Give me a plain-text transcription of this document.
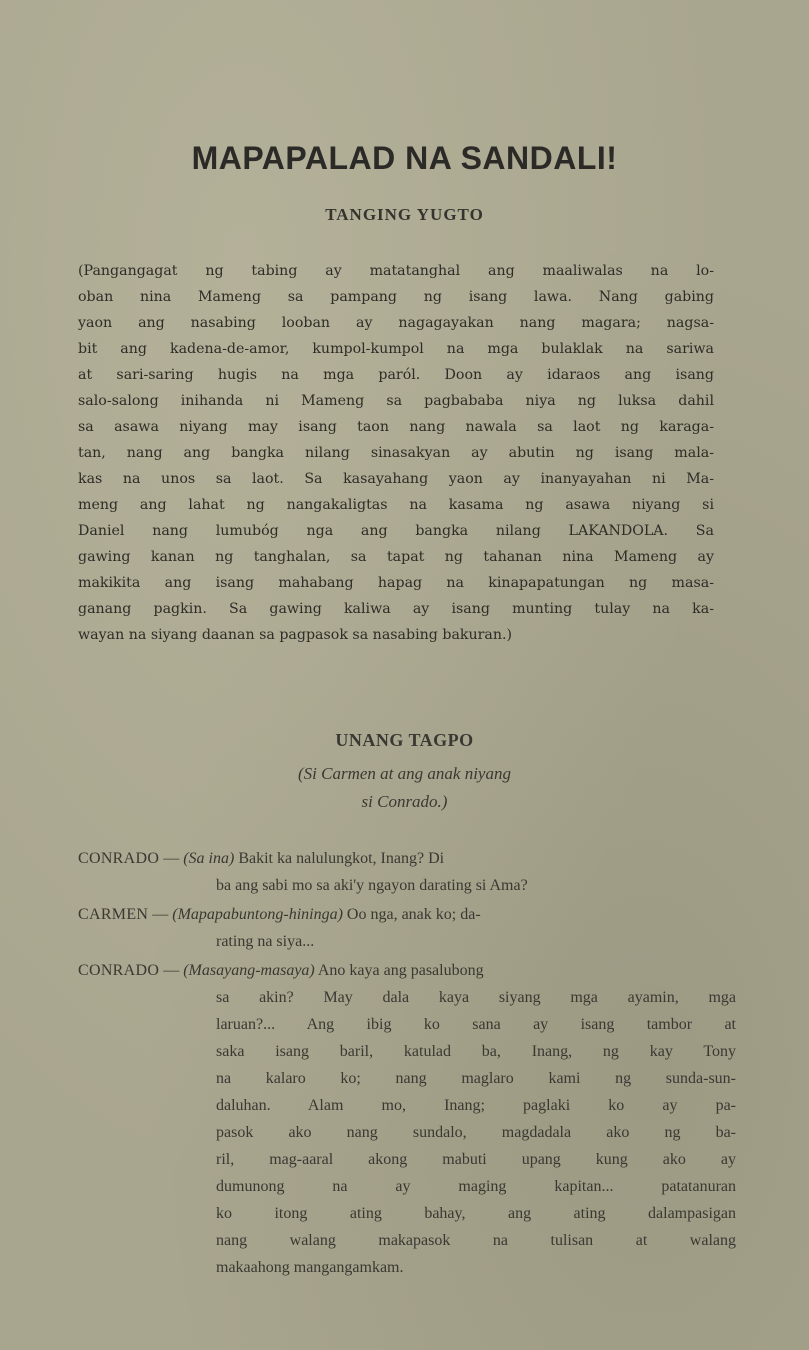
MAPAPALAD NA SANDALI!
TANGING YUGTO
(Pangangagat ng tabing ay matatanghal ang maaliwalas na lo-
oban nina Mameng sa pampang ng isang lawa. Nang gabing
yaon ang nasabing looban ay nagagayakan nang magara; nagsa-
bit ang kadena-de-amor, kumpol-kumpol na mga bulaklak na sariwa
at sari-saring hugis na mga paról. Doon ay idaraos ang isang
salo-salong inihanda ni Mameng sa pagbababa niya ng luksa dahil
sa asawa niyang may isang taon nang nawala sa laot ng karaga-
tan, nang ang bangka nilang sinasakyan ay abutin ng isang mala-
kas na unos sa laot. Sa kasayahang yaon ay inanyayahan ni Ma-
meng ang lahat ng nangakaligtas na kasama ng asawa niyang si
Daniel nang lumubóg nga ang bangka nilang LAKANDOLA. Sa
gawing kanan ng tanghalan, sa tapat ng tahanan nina Mameng ay
makikita ang isang mahabang hapag na kinapapatungan ng masa-
ganang pagkin. Sa gawing kaliwa ay isang munting tulay na ka-
wayan na siyang daanan sa pagpasok sa nasabing bakuran.)
UNANG TAGPO
(Si Carmen at ang anak niyang
si Conrado.)
CONRADO — (Sa ina) Bakit ka nalulungkot, Inang? Di
ba ang sabi mo sa aki'y ngayon darating si Ama?
CARMEN — (Mapapabuntong-hininga) Oo nga, anak ko; da-
rating na siya...
CONRADO — (Masayang-masaya) Ano kaya ang pasalubong
sa akin? May dala kaya siyang mga ayamin, mga
laruan?... Ang ibig ko sana ay isang tambor at
saka isang baril, katulad ba, Inang, ng kay Tony
na kalaro ko; nang maglaro kami ng sunda-sun-
daluhan. Alam mo, Inang; paglaki ko ay pa-
pasok ako nang sundalo, magdadala ako ng ba-
ril, mag-aaral akong mabuti upang kung ako ay
dumunong na ay maging kapitan... patatanuran
ko itong ating bahay, ang ating dalampasigan
nang walang makapasok na tulisan at walang
makaahong mangangamkam.
